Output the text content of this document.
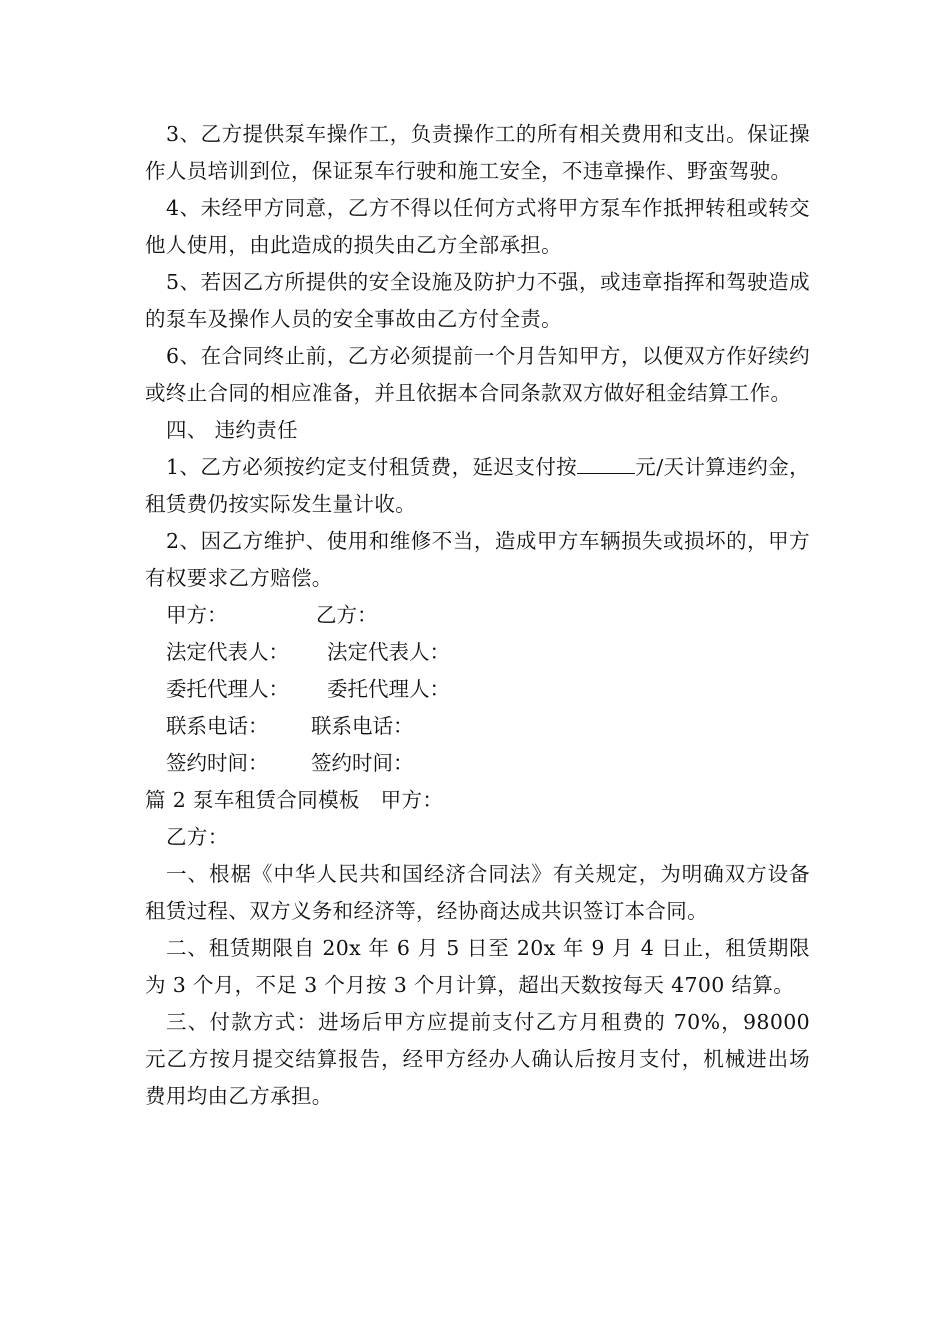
3、乙方提供泵车操作工，负责操作工的所有相关费用和支出。保证操作人员培训到位，保证泵车行驶和施工安全，不违章操作、野蛮驾驶。

4、未经甲方同意，乙方不得以任何方式将甲方泵车作抵押转租或转交他人使用，由此造成的损失由乙方全部承担。

5、若因乙方所提供的安全设施及防护力不强，或违章指挥和驾驶造成的泵车及操作人员的安全事故由乙方付全责。

6、在合同终止前，乙方必须提前一个月告知甲方，以便双方作好续约或终止合同的相应准备，并且依据本合同条款双方做好租金结算工作。

四、 违约责任

1、乙方必须按约定支付租赁费，延迟支付按	元/天计算违约金，租赁费仍按实际发生量计收。

2、因乙方维护、使用和维修不当，造成甲方车辆损失或损坏的，甲方有权要求乙方赔偿。

甲方：	乙方：
法定代表人：	法定代表人：
委托代理人：	委托代理人：
联系电话：	联系电话：
签约时间：	签约时间：

篇 2 泵车租赁合同模板　甲方：

乙方：

一、根椐《中华人民共和国经济合同法》有关规定，为明确双方设备租赁过程、双方义务和经济等，经协商达成共识签订本合同。

二、租赁期限自 20x 年 6 月 5 日至 20x 年 9 月 4 日止，租赁期限为 3 个月，不足 3 个月按 3 个月计算，超出天数按每天 4700 结算。

三、付款方式：进场后甲方应提前支付乙方月租费的 70%，98000 元乙方按月提交结算报告，经甲方经办人确认后按月支付，机械进出场费用均由乙方承担。
